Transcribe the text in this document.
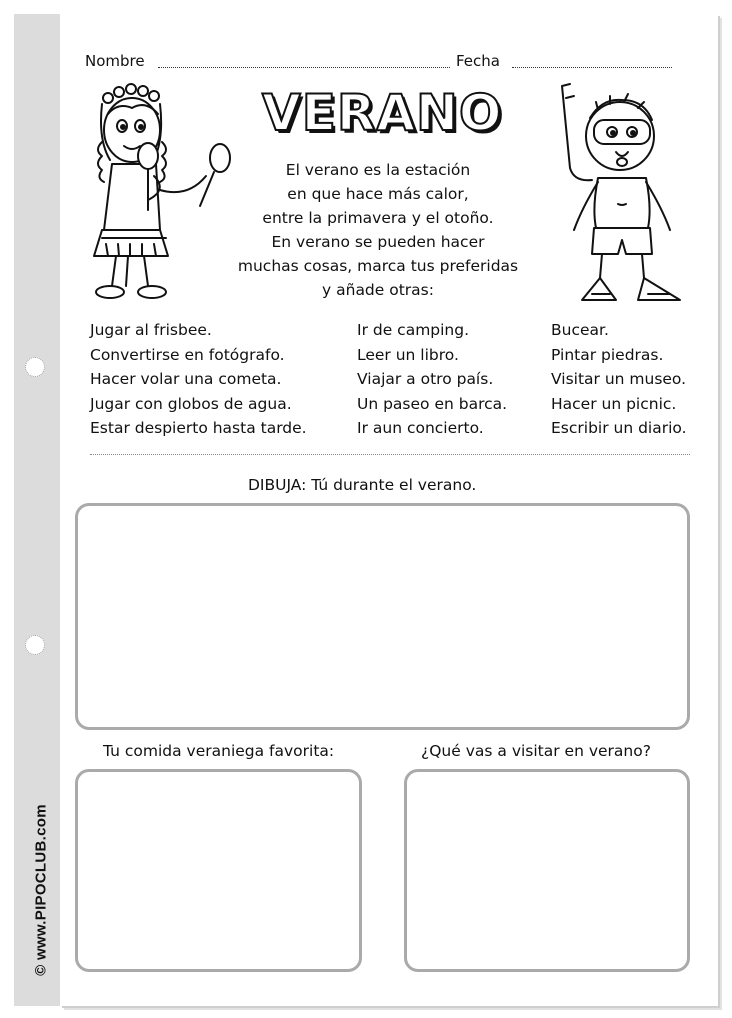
© www.PIPOCLUB.com
Nombre	Fecha
VERANO
El verano es la estación
en que hace más calor,
entre la primavera y el otoño.
En verano se pueden hacer
muchas cosas, marca tus preferidas
y añade otras:
Jugar al frisbee.
Convertirse en fotógrafo.
Hacer volar una cometa.
Jugar con globos de agua.
Estar despierto hasta tarde.
Ir de camping.
Leer un libro.
Viajar a otro país.
Un paseo en barca.
Ir aun concierto.
Bucear.
Pintar piedras.
Visitar un museo.
Hacer un picnic.
Escribir un diario.
DIBUJA: Tú durante el verano.
Tu comida veraniega favorita:	¿Qué vas a visitar en verano?
